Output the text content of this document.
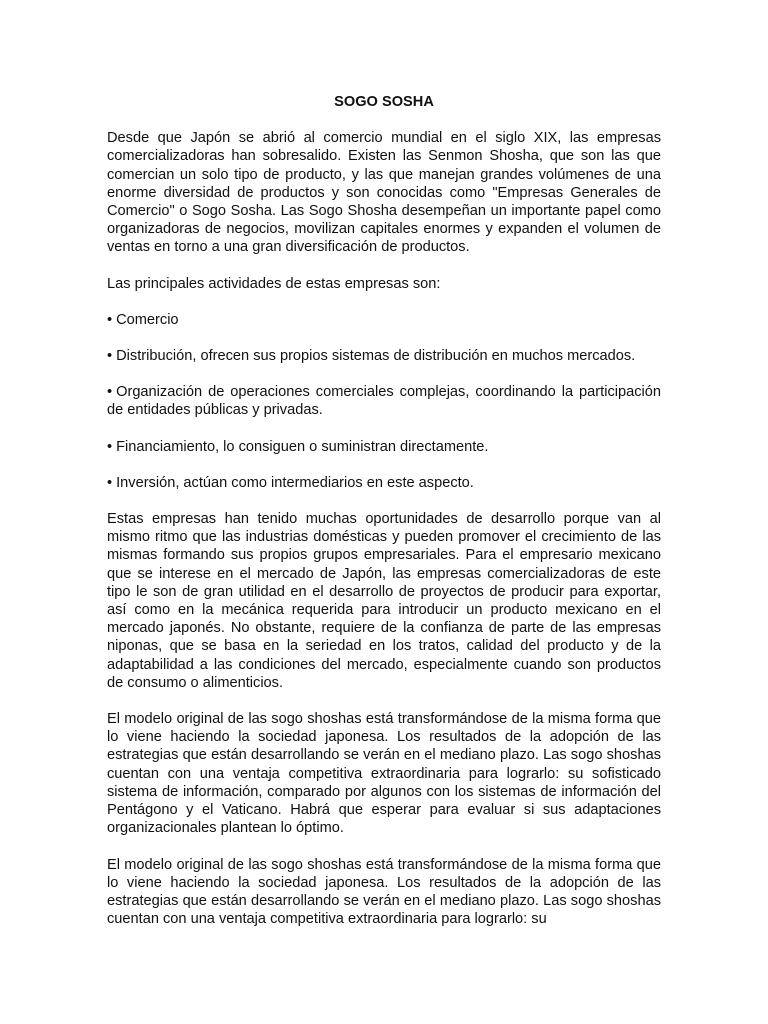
SOGO SOSHA

Desde que Japón se abrió al comercio mundial en el siglo XIX, las empresas comercializadoras han sobresalido. Existen las Senmon Shosha, que son las que comercian un solo tipo de producto, y las que manejan grandes volúmenes de una enorme diversidad de productos y son conocidas como "Empresas Generales de Comercio" o Sogo Sosha. Las Sogo Shosha desempeñan un importante papel como organizadoras de negocios, movilizan capitales enormes y expanden el volumen de ventas en torno a una gran diversificación de productos.

Las principales actividades de estas empresas son:

• Comercio

• Distribución, ofrecen sus propios sistemas de distribución en muchos mercados.

• Organización de operaciones comerciales complejas, coordinando la participación de entidades públicas y privadas.

• Financiamiento, lo consiguen o suministran directamente.

• Inversión, actúan como intermediarios en este aspecto.

Estas empresas han tenido muchas oportunidades de desarrollo porque van al mismo ritmo que las industrias domésticas y pueden promover el crecimiento de las mismas formando sus propios grupos empresariales. Para el empresario mexicano que se interese en el mercado de Japón, las empresas comercializadoras de este tipo le son de gran utilidad en el desarrollo de proyectos de producir para exportar, así como en la mecánica requerida para introducir un producto mexicano en el mercado japonés. No obstante, requiere de la confianza de parte de las empresas niponas, que se basa en la seriedad en los tratos, calidad del producto y de la adaptabilidad a las condiciones del mercado, especialmente cuando son productos de consumo o alimenticios.

El modelo original de las sogo shoshas está transformándose de la misma forma que lo viene haciendo la sociedad japonesa. Los resultados de la adopción de las estrategias que están desarrollando se verán en el mediano plazo. Las sogo shoshas cuentan con una ventaja competitiva extraordinaria para lograrlo: su sofisticado sistema de información, comparado por algunos con los sistemas de información del Pentágono y el Vaticano. Habrá que esperar para evaluar si sus adaptaciones organizacionales plantean lo óptimo.

El modelo original de las sogo shoshas está transformándose de la misma forma que lo viene haciendo la sociedad japonesa. Los resultados de la adopción de las estrategias que están desarrollando se verán en el mediano plazo. Las sogo shoshas cuentan con una ventaja competitiva extraordinaria para lograrlo: su
